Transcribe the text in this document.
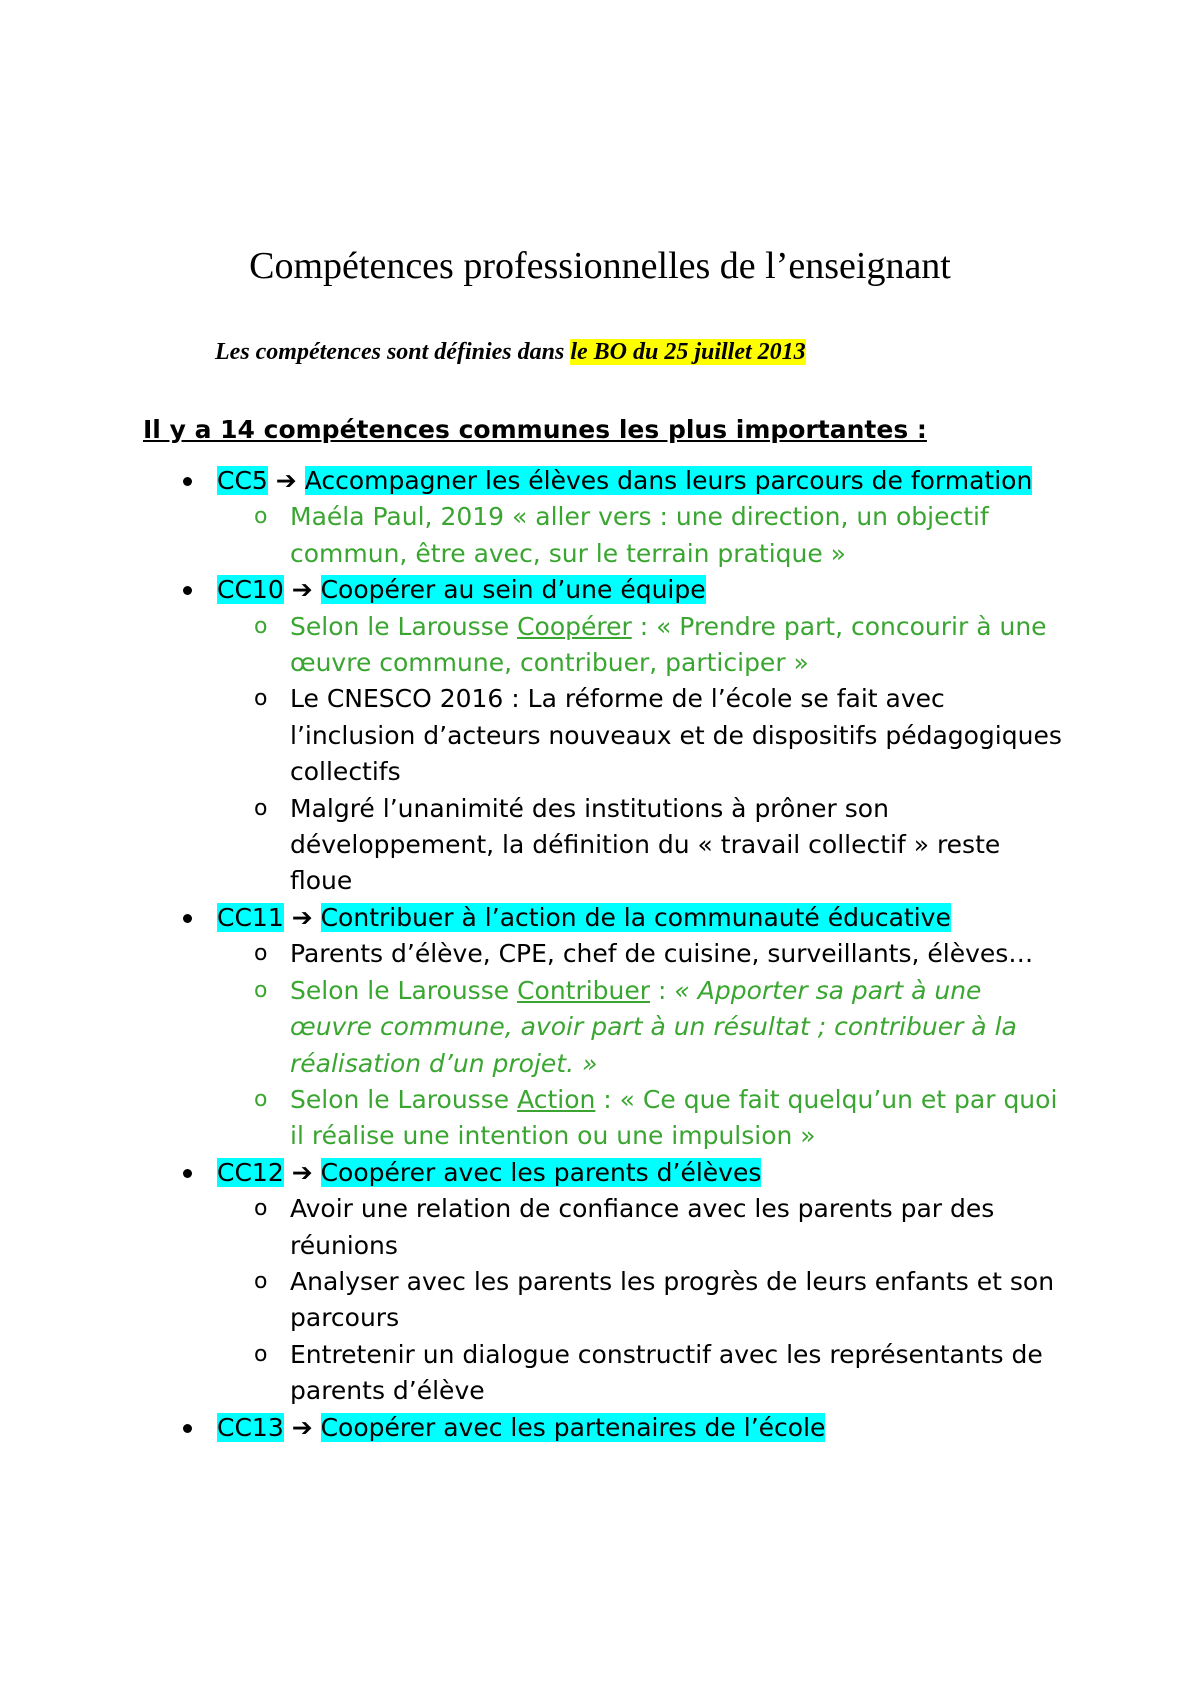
Compétences professionnelles de l’enseignant
Les compétences sont définies dans le BO du 25 juillet 2013
Il y a 14 compétences communes les plus importantes :
CC5 ➔ Accompagner les élèves dans leurs parcours de formation
o Maéla Paul, 2019 « aller vers : une direction, un objectif commun, être avec, sur le terrain pratique »
CC10 ➔ Coopérer au sein d’une équipe
o Selon le Larousse Coopérer : « Prendre part, concourir à une œuvre commune, contribuer, participer »
o Le CNESCO 2016 : La réforme de l’école se fait avec l’inclusion d’acteurs nouveaux et de dispositifs pédagogiques collectifs
o Malgré l’unanimité des institutions à prôner son développement, la définition du « travail collectif » reste floue
CC11 ➔ Contribuer à l’action de la communauté éducative
o Parents d’élève, CPE, chef de cuisine, surveillants, élèves…
o Selon le Larousse Contribuer : « Apporter sa part à une œuvre commune, avoir part à un résultat ; contribuer à la réalisation d’un projet. »
o Selon le Larousse Action : « Ce que fait quelqu’un et par quoi il réalise une intention ou une impulsion »
CC12 ➔ Coopérer avec les parents d’élèves
o Avoir une relation de confiance avec les parents par des réunions
o Analyser avec les parents les progrès de leurs enfants et son parcours
o Entretenir un dialogue constructif avec les représentants de parents d’élève
CC13 ➔ Coopérer avec les partenaires de l’école
